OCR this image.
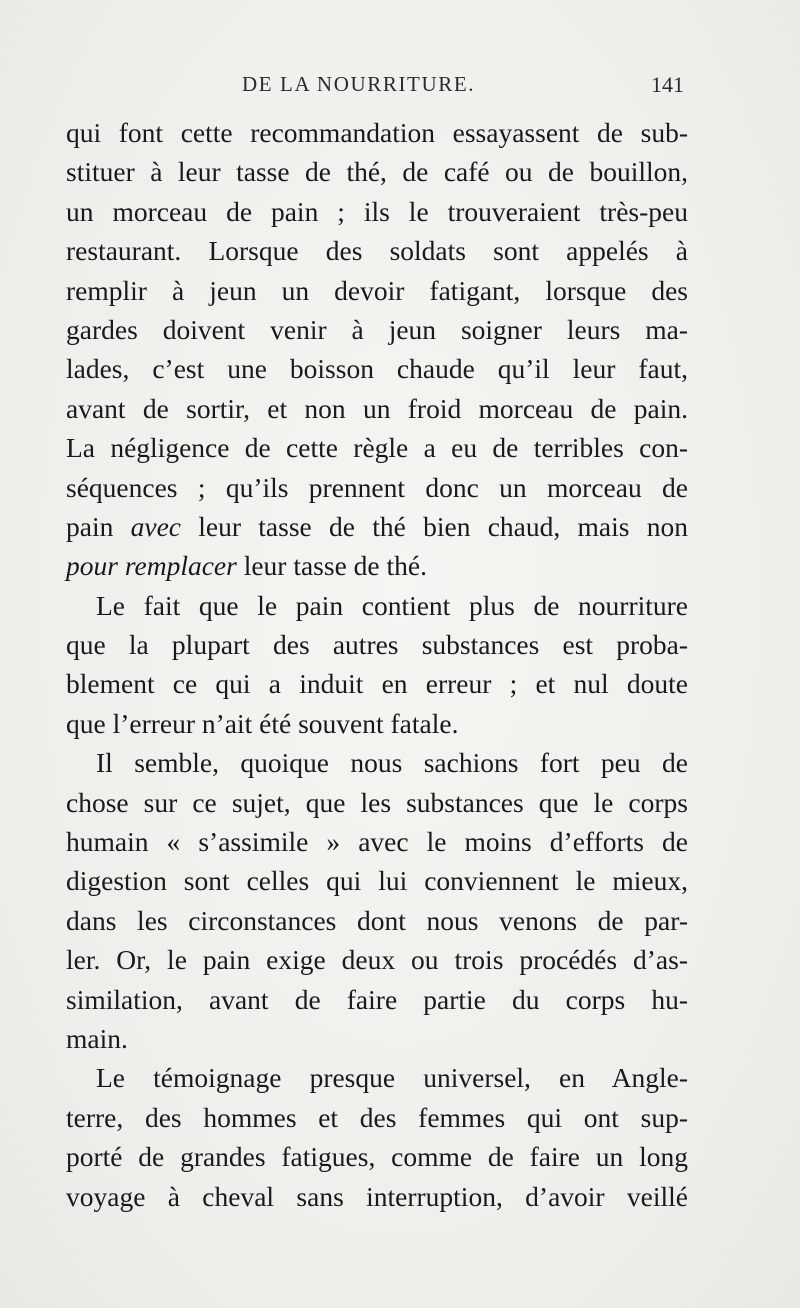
DE LA NOURRITURE.	141
qui font cette recommandation essayassent de sub-
stituer à leur tasse de thé, de café ou de bouillon,
un morceau de pain ; ils le trouveraient très-peu
restaurant. Lorsque des soldats sont appelés à
remplir à jeun un devoir fatigant, lorsque des
gardes doivent venir à jeun soigner leurs ma-
lades, c’est une boisson chaude qu’il leur faut,
avant de sortir, et non un froid morceau de pain.
La négligence de cette règle a eu de terribles con-
séquences ; qu’ils prennent donc un morceau de
pain avec leur tasse de thé bien chaud, mais non
pour remplacer leur tasse de thé.
Le fait que le pain contient plus de nourriture
que la plupart des autres substances est proba-
blement ce qui a induit en erreur ; et nul doute
que l’erreur n’ait été souvent fatale.
Il semble, quoique nous sachions fort peu de
chose sur ce sujet, que les substances que le corps
humain « s’assimile » avec le moins d’efforts de
digestion sont celles qui lui conviennent le mieux,
dans les circonstances dont nous venons de par-
ler. Or, le pain exige deux ou trois procédés d’as-
similation, avant de faire partie du corps hu-
main.
Le témoignage presque universel, en Angle-
terre, des hommes et des femmes qui ont sup-
porté de grandes fatigues, comme de faire un long
voyage à cheval sans interruption, d’avoir veillé
